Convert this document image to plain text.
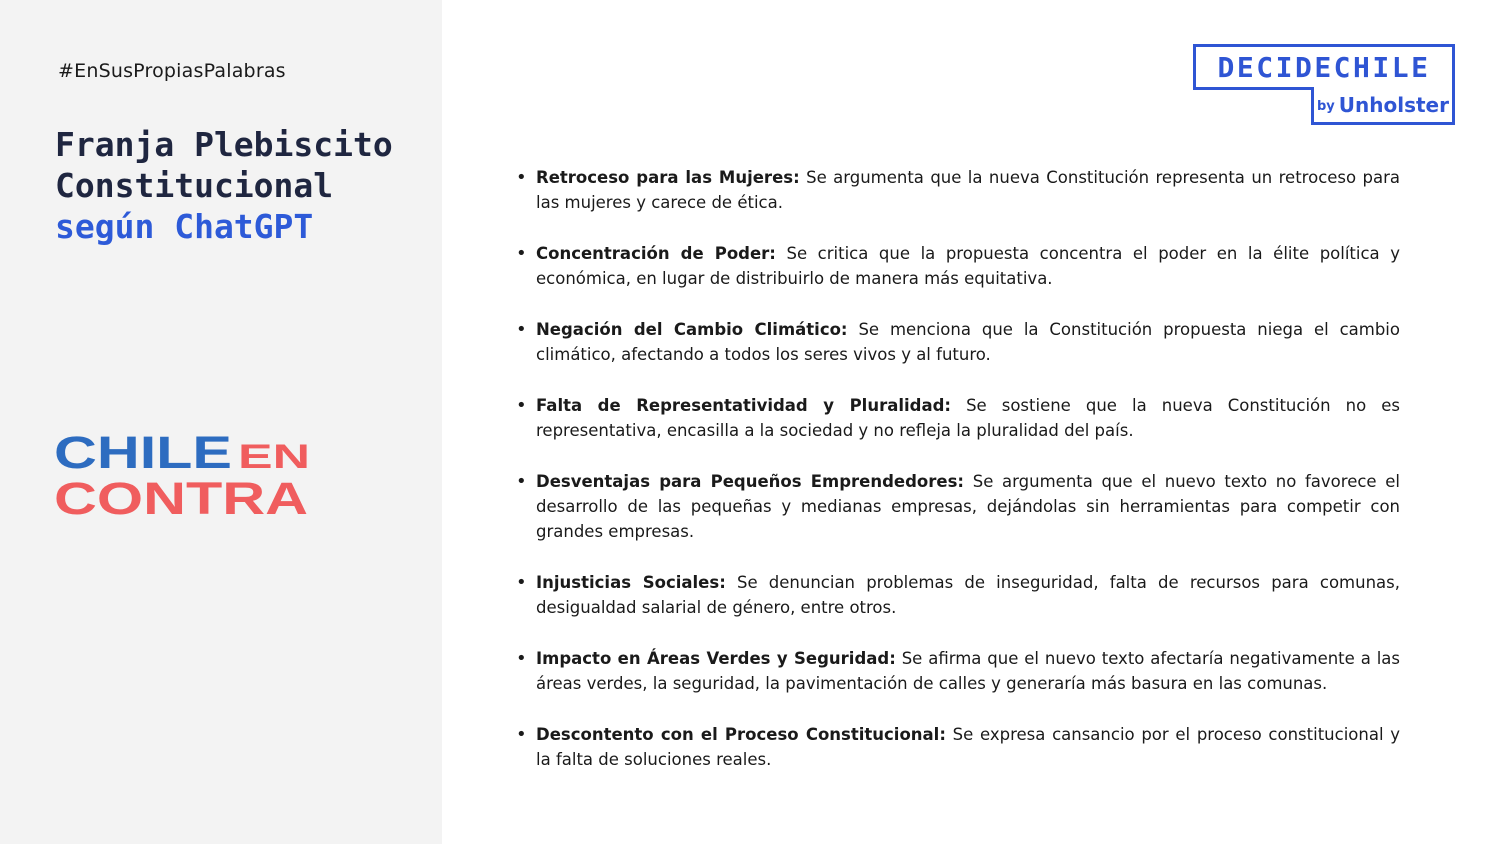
#EnSusPropiasPalabras
Franja Plebiscito
Constitucional
según ChatGPT
CHILE EN
CONTRA
DECIDECHILE
by Unholster
• Retroceso para las Mujeres: Se argumenta que la nueva Constitución representa un retroceso para las mujeres y carece de ética.
• Concentración de Poder: Se critica que la propuesta concentra el poder en la élite política y económica, en lugar de distribuirlo de manera más equitativa.
• Negación del Cambio Climático: Se menciona que la Constitución propuesta niega el cambio climático, afectando a todos los seres vivos y al futuro.
• Falta de Representatividad y Pluralidad: Se sostiene que la nueva Constitución no es representativa, encasilla a la sociedad y no refleja la pluralidad del país.
• Desventajas para Pequeños Emprendedores: Se argumenta que el nuevo texto no favorece el desarrollo de las pequeñas y medianas empresas, dejándolas sin herramientas para competir con grandes empresas.
• Injusticias Sociales: Se denuncian problemas de inseguridad, falta de recursos para comunas, desigualdad salarial de género, entre otros.
• Impacto en Áreas Verdes y Seguridad: Se afirma que el nuevo texto afectaría negativamente a las áreas verdes, la seguridad, la pavimentación de calles y generaría más basura en las comunas.
• Descontento con el Proceso Constitucional: Se expresa cansancio por el proceso constitucional y la falta de soluciones reales.
